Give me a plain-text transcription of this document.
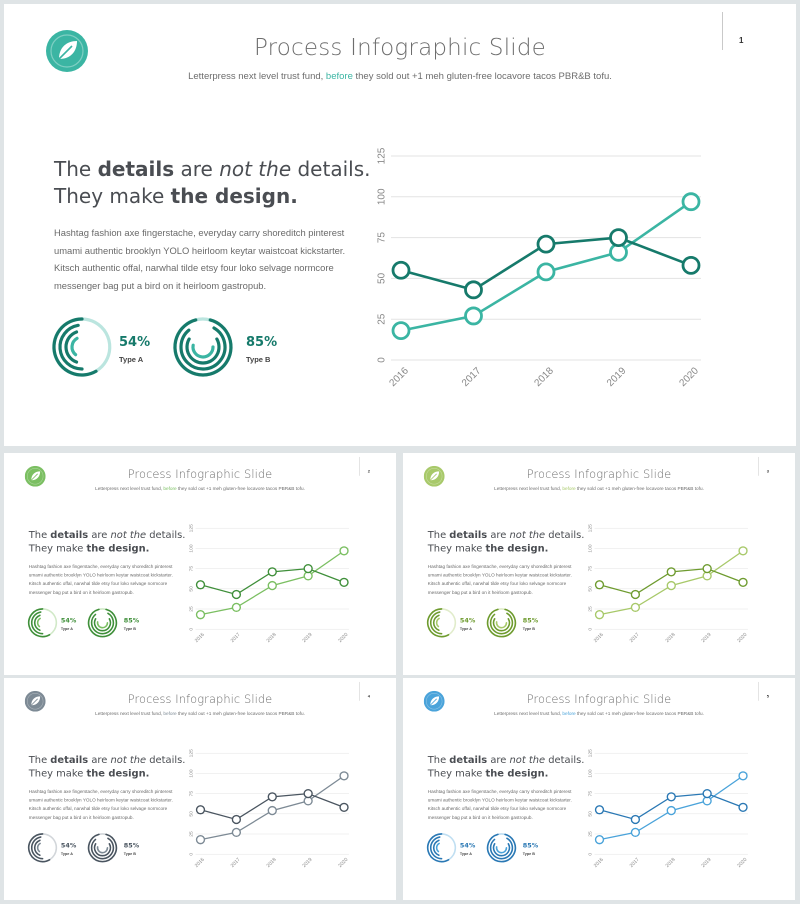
1
Process Infographic Slide
Letterpress next level trust fund, before they sold out +1 meh gluten-free locavore tacos PBR&B tofu.
The details are not the details.
They make the design.
Hashtag fashion axe fingerstache, everyday carry shoreditch pinterest umami authentic brooklyn YOLO heirloom keytar waistcoat kickstarter. Kitsch authentic offal, narwhal tilde etsy four loko selvage normcore messenger bag put a bird on it heirloom gastropub.
54%
Type A
85%
Type B	0
25
50
75
100
125
2016	2017	2018	2019	2020
2
Process Infographic Slide
Letterpress next level trust fund, before they sold out +1 meh gluten-free locavore tacos PBR&B tofu.
The details are not the details.
They make the design.
Hashtag fashion axe fingerstache, everyday carry shoreditch pinterest umami authentic brooklyn YOLO heirloom keytar waistcoat kickstarter. Kitsch authentic offal, narwhal tilde etsy four loko selvage normcore messenger bag put a bird on it heirloom gastropub.
54%
Type A
85%
Type B	0
25
50
75
100
125
2016 2017 2018 2019 2020
3
Process Infographic Slide
Letterpress next level trust fund, before they sold out +1 meh gluten-free locavore tacos PBR&B tofu.
The details are not the details.
They make the design.
Hashtag fashion axe fingerstache, everyday carry shoreditch pinterest umami authentic brooklyn YOLO heirloom keytar waistcoat kickstarter. Kitsch authentic offal, narwhal tilde etsy four loko selvage normcore messenger bag put a bird on it heirloom gastropub.
54%
Type A
85%
Type B	0
25
50
75
100
125
2016 2017 2018 2019 2020
4
Process Infographic Slide
Letterpress next level trust fund, before they sold out +1 meh gluten-free locavore tacos PBR&B tofu.
The details are not the details.
They make the design.
Hashtag fashion axe fingerstache, everyday carry shoreditch pinterest umami authentic brooklyn YOLO heirloom keytar waistcoat kickstarter. Kitsch authentic offal, narwhal tilde etsy four loko selvage normcore messenger bag put a bird on it heirloom gastropub.
54%
Type A
85%
Type B	0
25
50
75
100
125
2016 2017 2018 2019 2020
5
Process Infographic Slide
Letterpress next level trust fund, before they sold out +1 meh gluten-free locavore tacos PBR&B tofu.
The details are not the details.
They make the design.
Hashtag fashion axe fingerstache, everyday carry shoreditch pinterest umami authentic brooklyn YOLO heirloom keytar waistcoat kickstarter. Kitsch authentic offal, narwhal tilde etsy four loko selvage normcore messenger bag put a bird on it heirloom gastropub.
54%
Type A
85%
Type B	0
25
50
75
100
125
2016 2017 2018 2019 2020
